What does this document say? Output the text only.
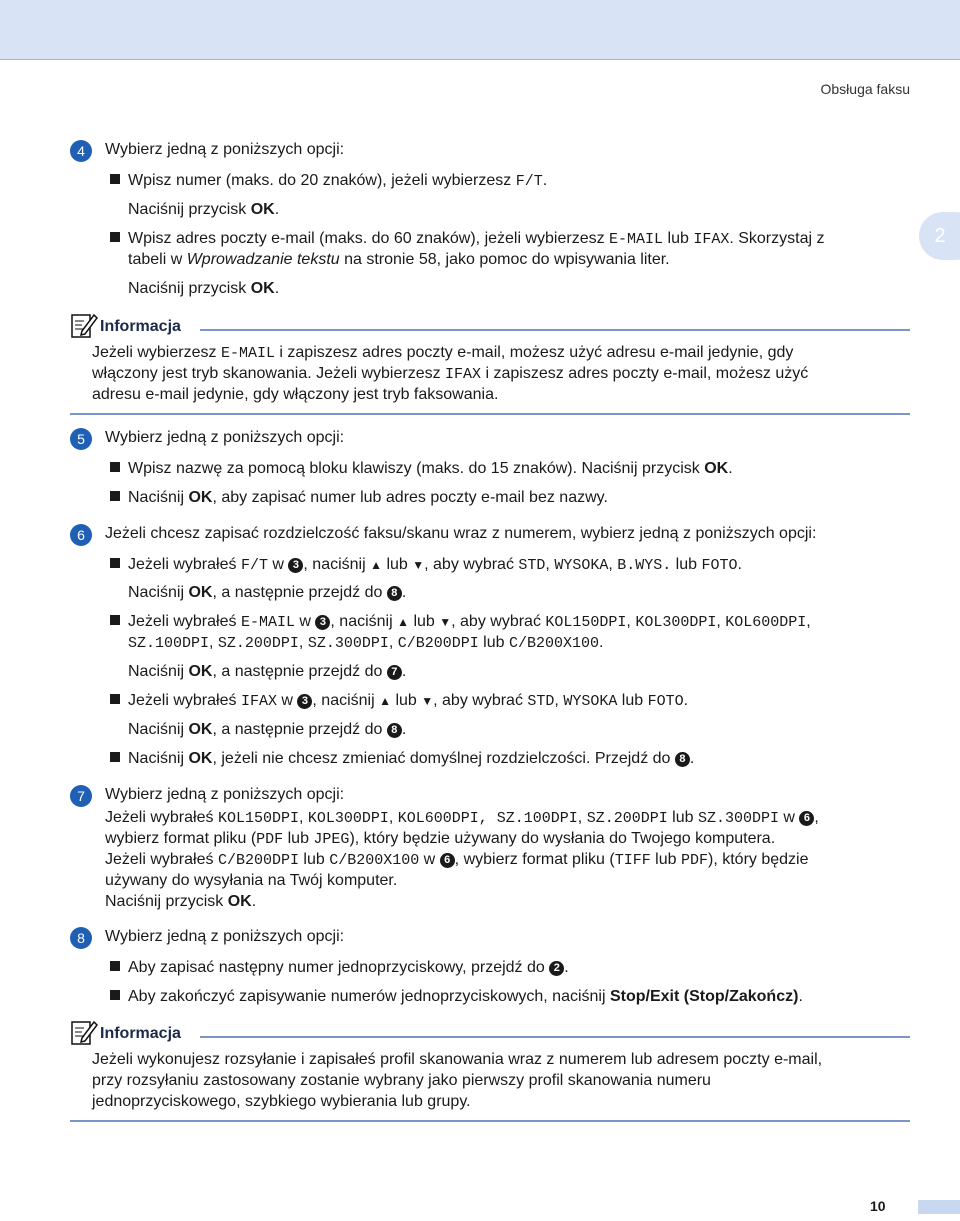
Obsługa faksu
2
4	Wybierz jedną z poniższych opcji:
Wpisz numer (maks. do 20 znaków), jeżeli wybierzesz F/T.
Naciśnij przycisk OK.
Wpisz adres poczty e-mail (maks. do 60 znaków), jeżeli wybierzesz E-MAIL lub IFAX. Skorzystaj z
tabeli w Wprowadzanie tekstu na stronie 58, jako pomoc do wpisywania liter.
Naciśnij przycisk OK.
Informacja
Jeżeli wybierzesz E-MAIL i zapiszesz adres poczty e-mail, możesz użyć adresu e-mail jedynie, gdy
włączony jest tryb skanowania. Jeżeli wybierzesz IFAX i zapiszesz adres poczty e-mail, możesz użyć
adresu e-mail jedynie, gdy włączony jest tryb faksowania.
5	Wybierz jedną z poniższych opcji:
Wpisz nazwę za pomocą bloku klawiszy (maks. do 15 znaków). Naciśnij przycisk OK.
Naciśnij OK, aby zapisać numer lub adres poczty e-mail bez nazwy.
6	Jeżeli chcesz zapisać rozdzielczość faksu/skanu wraz z numerem, wybierz jedną z poniższych opcji:
Jeżeli wybrałeś F/T w 3 , naciśnij ▲ lub ▼, aby wybrać STD, WYSOKA, B.WYS. lub FOTO.
Naciśnij OK, a następnie przejdź do 8 .
Jeżeli wybrałeś E-MAIL w 3 , naciśnij ▲ lub ▼, aby wybrać KOL150DPI, KOL300DPI, KOL600DPI,
SZ.100DPI, SZ.200DPI, SZ.300DPI, C/B200DPI lub C/B200X100.
Naciśnij OK, a następnie przejdź do 7 .
Jeżeli wybrałeś IFAX w 3 , naciśnij ▲ lub ▼, aby wybrać STD, WYSOKA lub FOTO.
Naciśnij OK, a następnie przejdź do 8 .
Naciśnij OK, jeżeli nie chcesz zmieniać domyślnej rozdzielczości. Przejdź do 8 .
7	Wybierz jedną z poniższych opcji:
Jeżeli wybrałeś KOL150DPI, KOL300DPI, KOL600DPI, SZ.100DPI, SZ.200DPI lub SZ.300DPI w 6 ,
wybierz format pliku (PDF lub JPEG), który będzie używany do wysłania do Twojego komputera.
Jeżeli wybrałeś C/B200DPI lub C/B200X100 w 6 , wybierz format pliku (TIFF lub PDF), który będzie
używany do wysyłania na Twój komputer.
Naciśnij przycisk OK.
8	Wybierz jedną z poniższych opcji:
Aby zapisać następny numer jednoprzyciskowy, przejdź do 2 .
Aby zakończyć zapisywanie numerów jednoprzyciskowych, naciśnij Stop/Exit (Stop/Zakończ).
Informacja
Jeżeli wykonujesz rozsyłanie i zapisałeś profil skanowania wraz z numerem lub adresem poczty e-mail,
przy rozsyłaniu zastosowany zostanie wybrany jako pierwszy profil skanowania numeru
jednoprzyciskowego, szybkiego wybierania lub grupy.
10
